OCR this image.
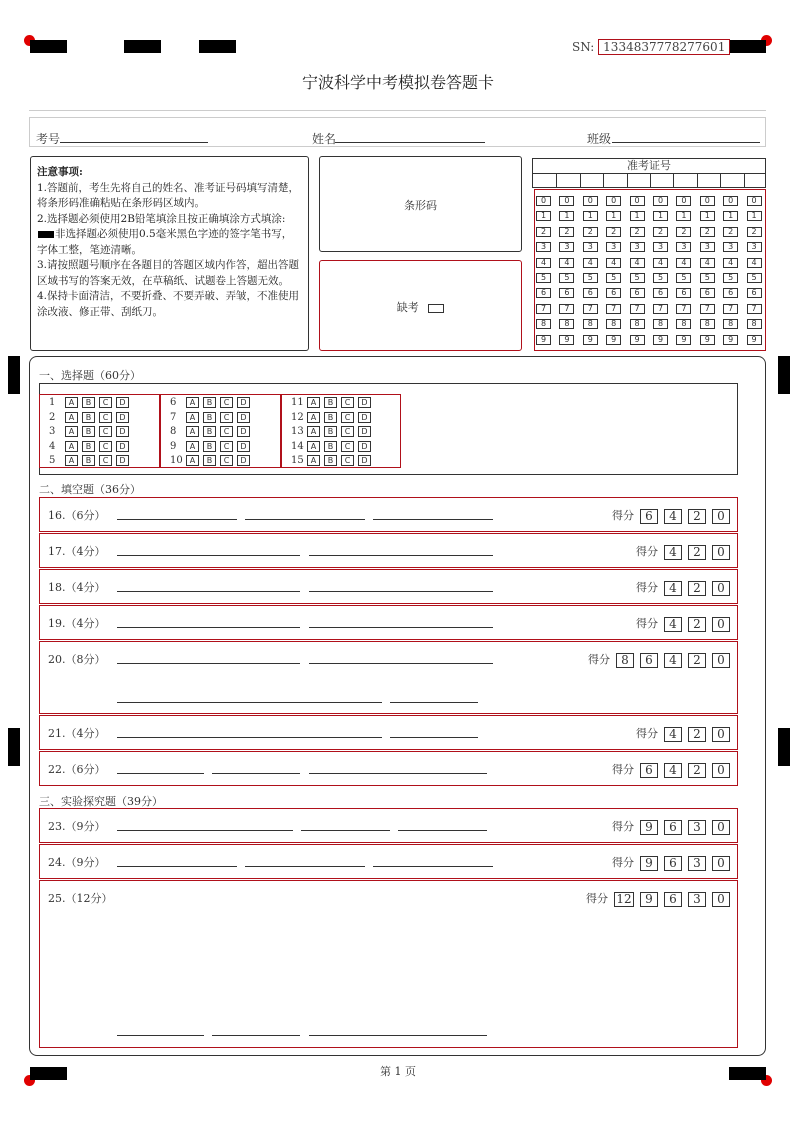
SN: 1334837778277601
宁波科学中考模拟卷答题卡
考号	姓名	班级
注意事项:
1.答题前，考生先将自己的姓名、准考证号码填写清楚，将条形码准确粘贴在条形码区域内。
2.选择题必须使用2B铅笔填涂且按正确填涂方式填涂:非选择题必须使用0.5毫米黑色字迹的签字笔书写，字体工整，笔迹清晰。
3.请按照题号顺序在各题目的答题区域内作答，超出答题区域书写的答案无效，在草稿纸、试题卷上答题无效。
4.保持卡面清洁，不要折叠、不要弄破、弄皱，不准使用涂改液、修正带、刮纸刀。
条形码
缺考
准考证号
0	0	0	0	0	0	0	0	0	0
1	1	1	1	1	1	1	1	1	1
2	2	2	2	2	2	2	2	2	2
3	3	3	3	3	3	3	3	3	3
4	4	4	4	4	4	4	4	4	4
5	5	5	5	5	5	5	5	5	5
6	6	6	6	6	6	6	6	6	6
7	7	7	7	7	7	7	7	7	7
8	8	8	8	8	8	8	8	8	8
9	9	9	9	9	9	9	9	9	9
一、选择题（60分）
1 A B C D
2 A B C D
3 A B C D
4 A B C D
5 A B C D
6 A B C D
7 A B C D
8 A B C D
9 A B C D
10 A B C D
11 A B C D
12 A B C D
13 A B C D
14 A B C D
15 A B C D
二、填空题（36分）
三、实验探究题（39分）
16.（6分）	得分 6 4 2 0
17.（4分）	得分 4 2 0
18.（4分）	得分 4 2 0
19.（4分）	得分 4 2 0
20.（8分）	得分 8 6 4 2 0
21.（4分）	得分 4 2 0
22.（6分）	得分 6 4 2 0
23.（9分）	得分 9 6 3 0
24.（9分）	得分 9 6 3 0
25.（12分）	得分 12 9 6 3 0
第 1 页
